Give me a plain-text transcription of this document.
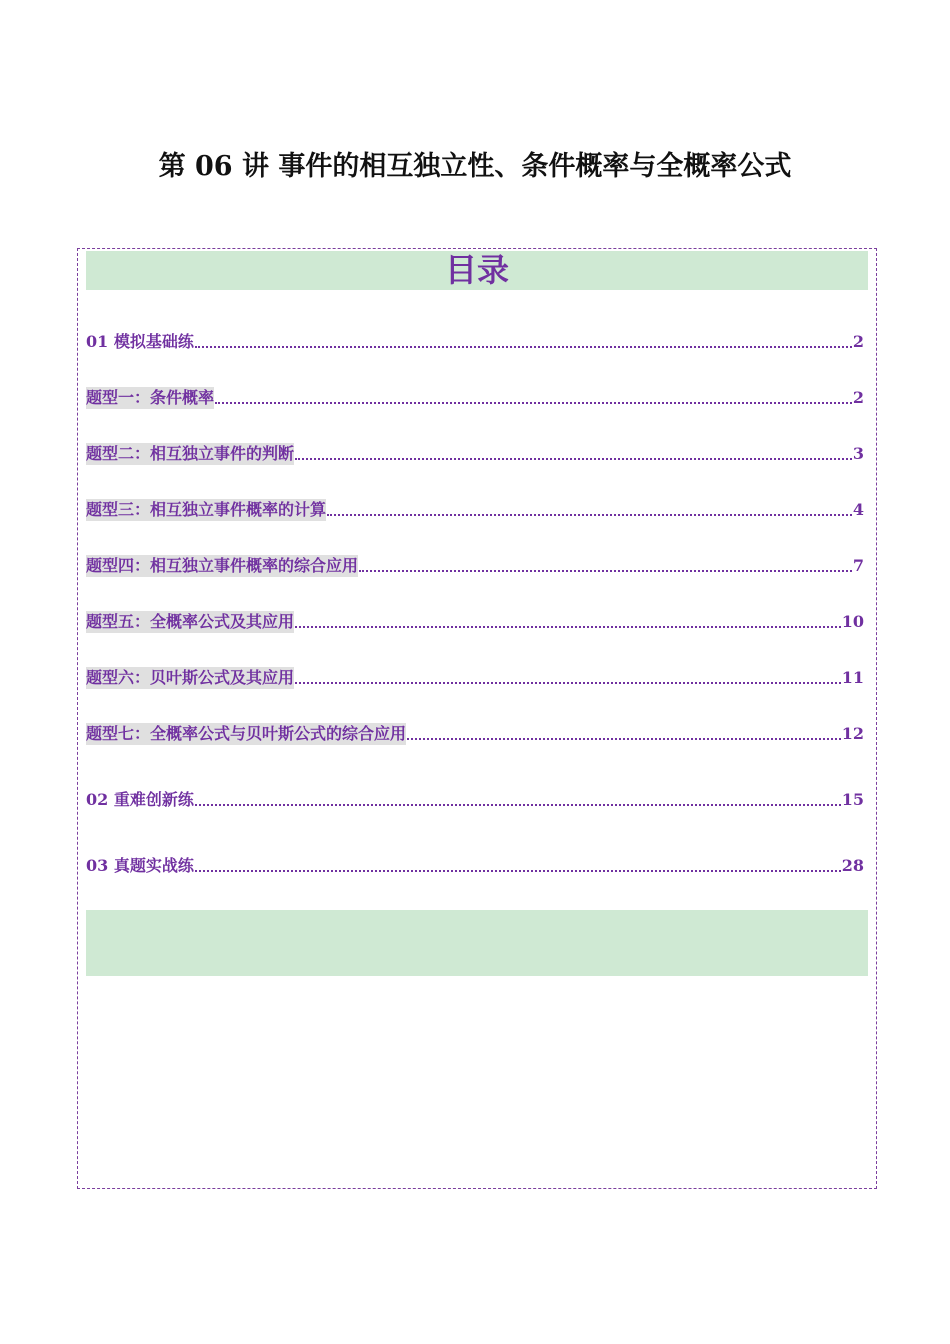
第 06 讲 事件的相互独立性、条件概率与全概率公式
目录
01 模拟基础练	2
题型一：条件概率	2
题型二：相互独立事件的判断	3
题型三：相互独立事件概率的计算	4
题型四：相互独立事件概率的综合应用	7
题型五：全概率公式及其应用	10
题型六：贝叶斯公式及其应用	11
题型七：全概率公式与贝叶斯公式的综合应用	12
02 重难创新练	15
03 真题实战练	28
